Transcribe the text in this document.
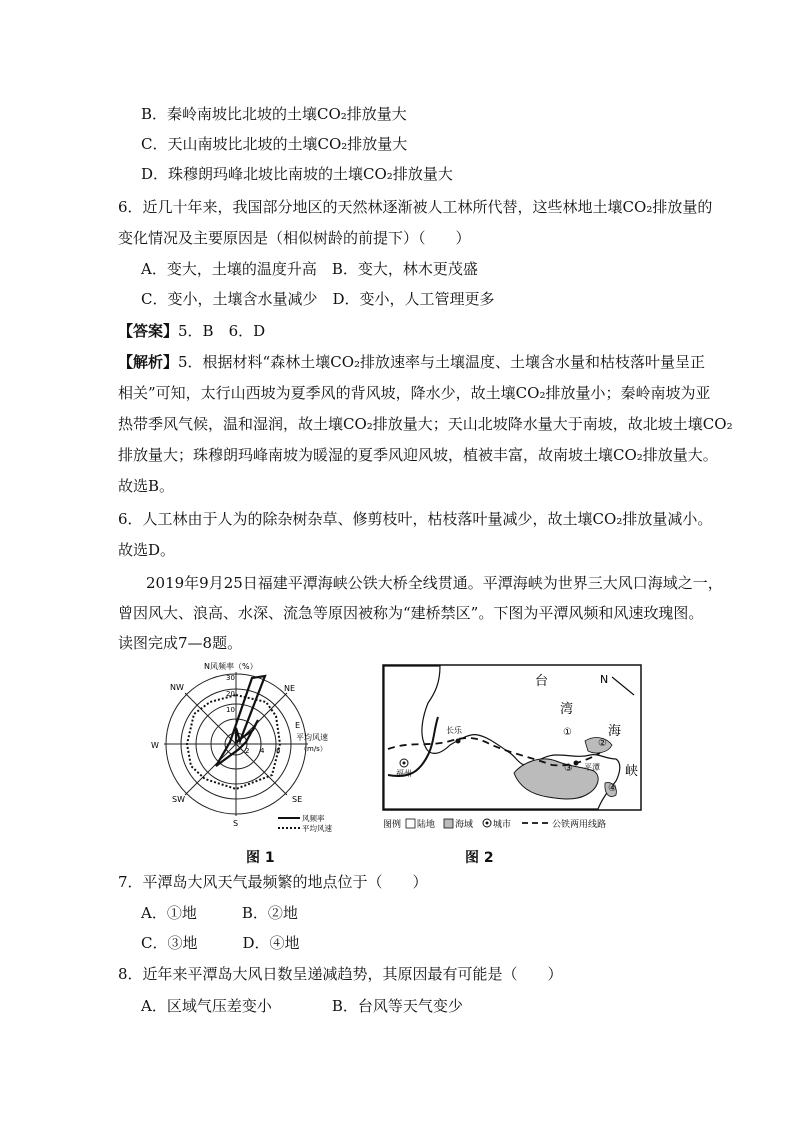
B．秦岭南坡比北坡的土壤CO₂排放量大
C．天山南坡比北坡的土壤CO₂排放量大
D．珠穆朗玛峰北坡比南坡的土壤CO₂排放量大
6．近几十年来，我国部分地区的天然林逐渐被人工林所代替，这些林地土壤CO₂排放量的
变化情况及主要原因是（相似树龄的前提下）（　　）
A．变大，土壤的温度升高　B．变大，林木更茂盛
C．变小，土壤含水量减少　D．变小，人工管理更多
【答案】5．B　6．D
【解析】5．根据材料“森林土壤CO₂排放速率与土壤温度、土壤含水量和枯枝落叶量呈正
相关”可知，太行山西坡为夏季风的背风坡，降水少，故土壤CO₂排放量小；秦岭南坡为亚
热带季风气候，温和湿润，故土壤CO₂排放量大；天山北坡降水量大于南坡，故北坡土壤CO₂
排放量大；珠穆朗玛峰南坡为暖湿的夏季风迎风坡，植被丰富，故南坡土壤CO₂排放量大。
故选B。
6．人工林由于人为的除杂树杂草、修剪枝叶，枯枝落叶量减少，故土壤CO₂排放量减小。
故选D。
2019年9月25日福建平潭海峡公铁大桥全线贯通。平潭海峡为世界三大风口海域之一，
曾因风大、浪高、水深、流急等原因被称为“建桥禁区”。下图为平潭风频和风速玫瑰图。
读图完成7—8题。
N风频率（%）
NE
E
SE
S
SW
W
NW
30
20
10
2 4 6
平均风速
（m/s）
风频率
平均风速
图 1
台
湾
海
峡
N
长乐
福州
平潭
①
②
③
④
图例 陆地 海域 城市	公铁两用线路
图 2
7．平潭岛大风天气最频繁的地点位于（　　）
A．①地　　　B．②地
C．③地　　　D．④地
8．近年来平潭岛大风日数呈递减趋势，其原因最有可能是（　　）
A．区域气压差变小　　　　B．台风等天气变少
